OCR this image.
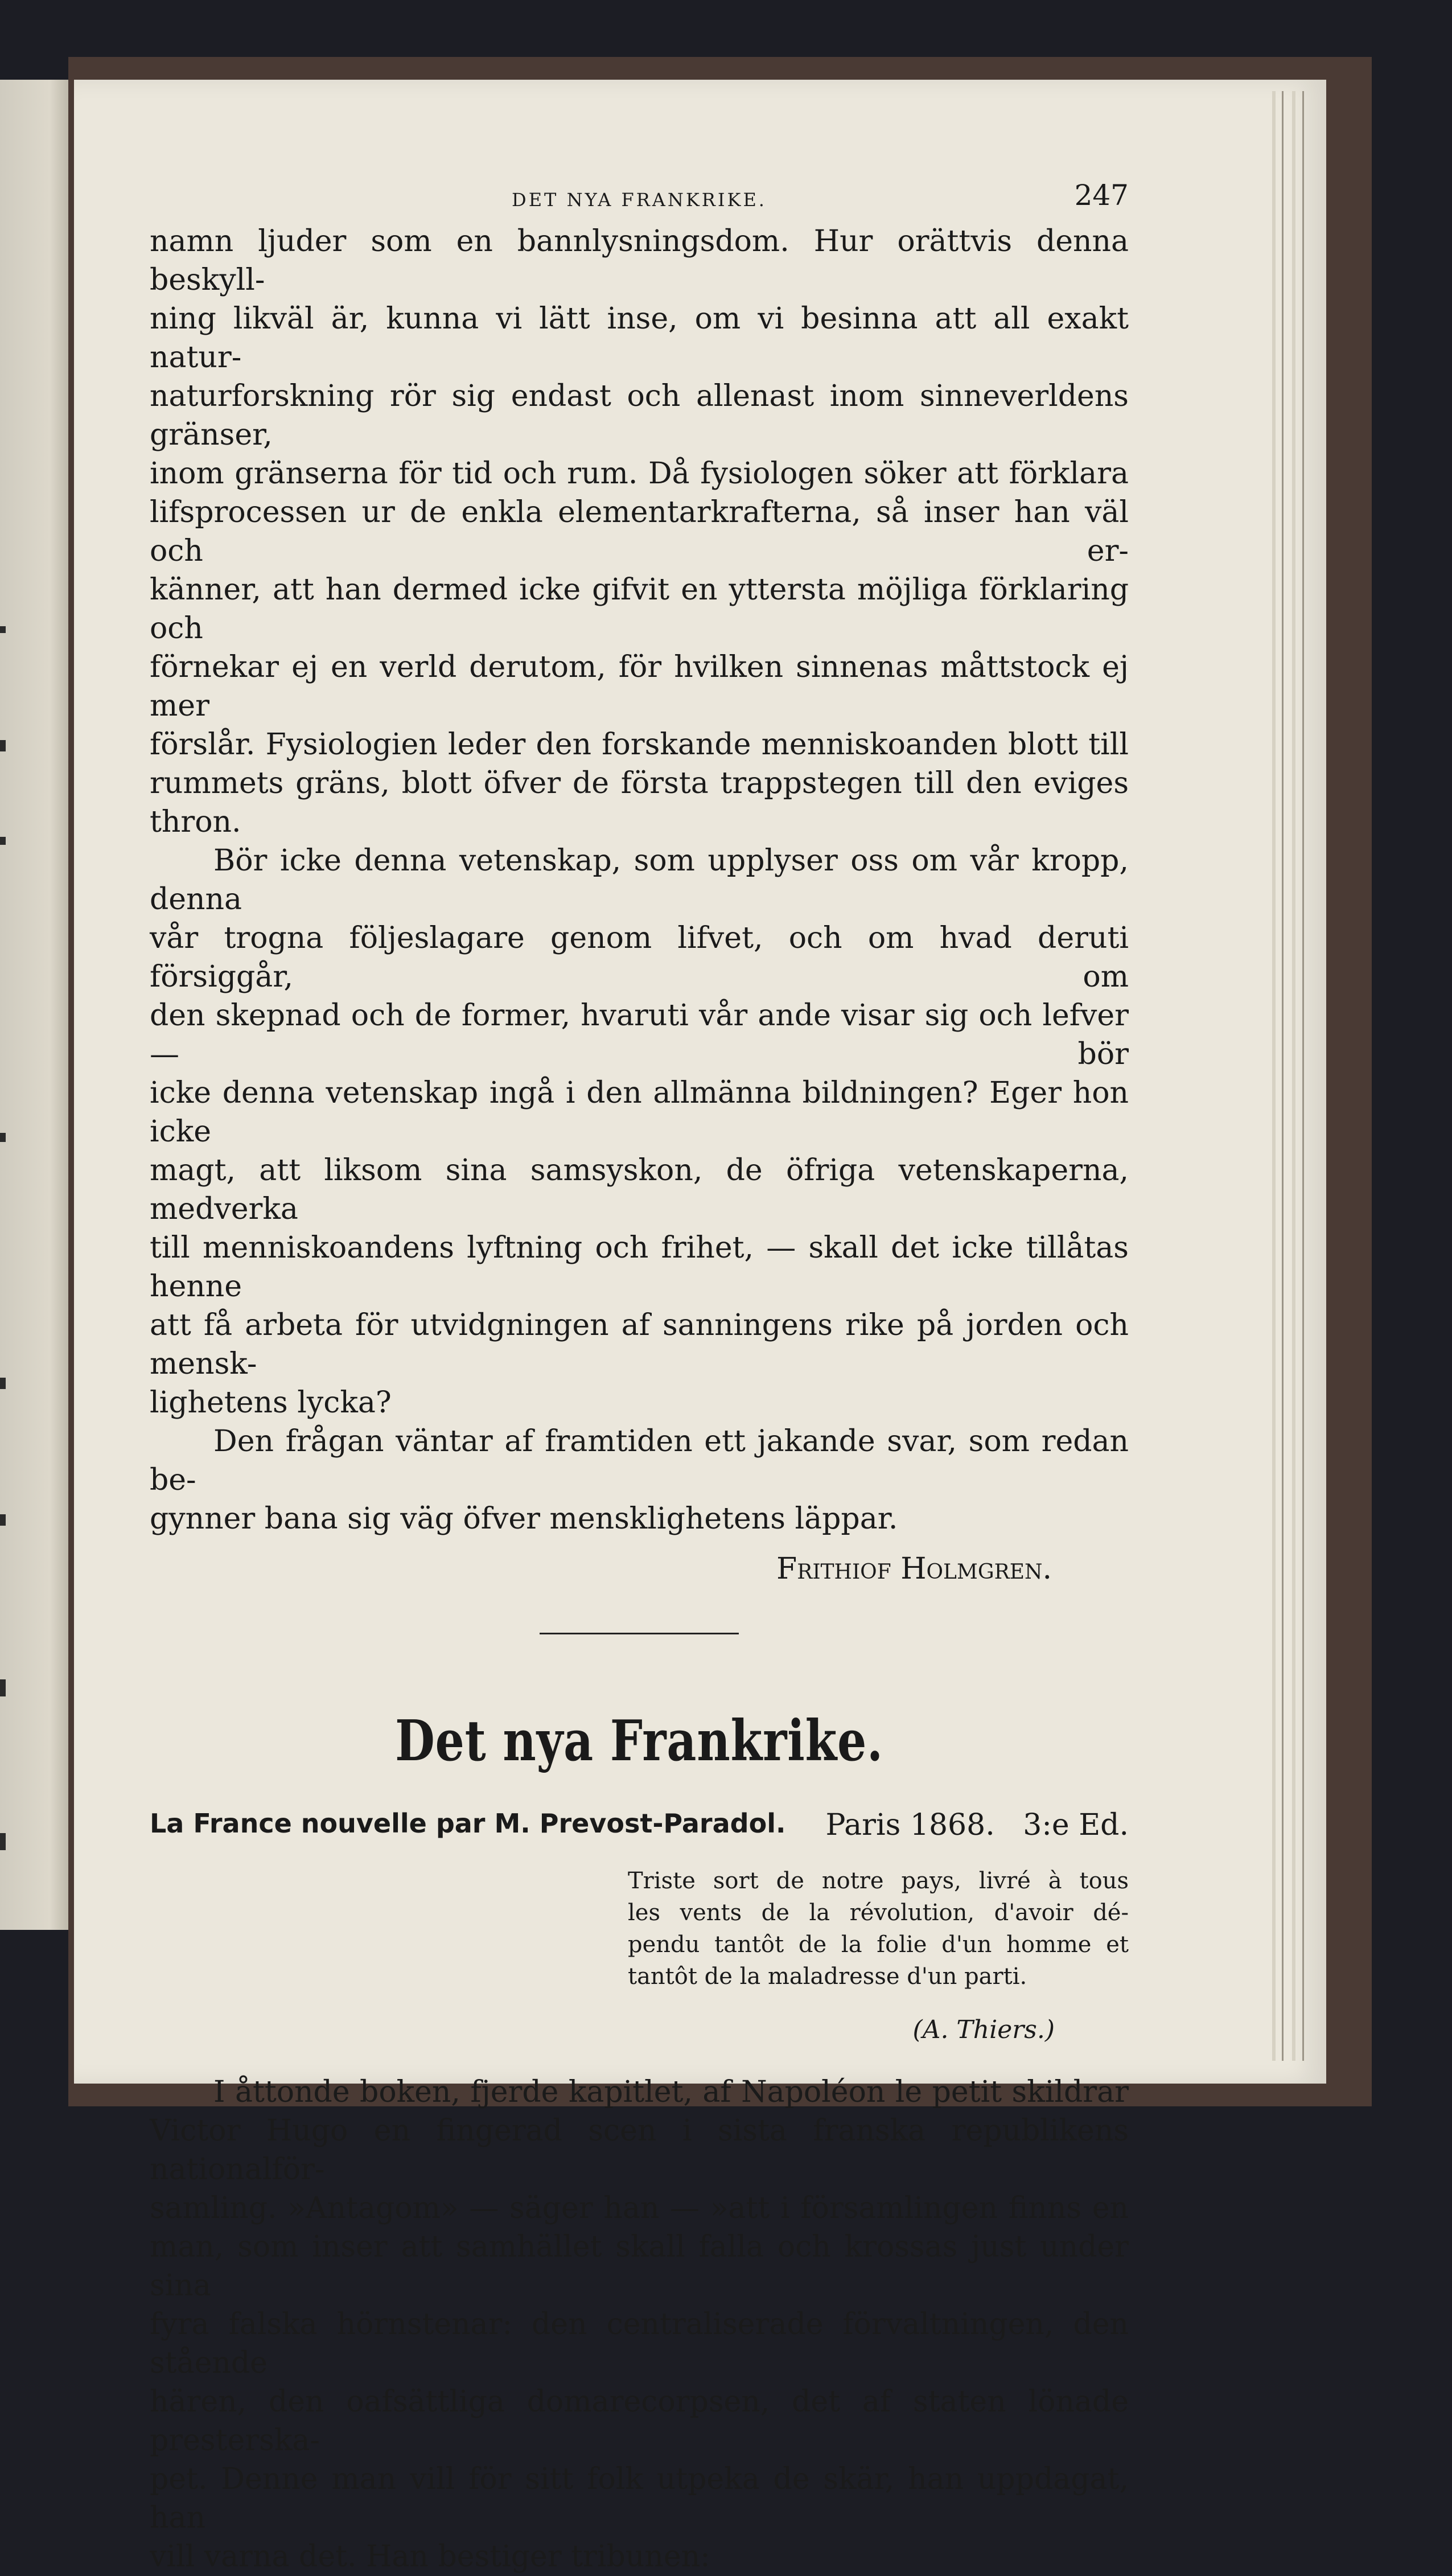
DET NYA FRANKRIKE.	247

namn ljuder som en bannlysningsdom. Hur orättvis denna beskyll-

ning likväl är, kunna vi lätt inse, om vi besinna att all exakt natur-

naturforskning rör sig endast och allenast inom sinneverldens gränser,

inom gränserna för tid och rum. Då fysiologen söker att förklara

lifsprocessen ur de enkla elementarkrafterna, så inser han väl och er-

känner, att han dermed icke gifvit en yttersta möjliga förklaring och

förnekar ej en verld derutom, för hvilken sinnenas måttstock ej mer

förslår. Fysiologien leder den forskande menniskoanden blott till

rummets gräns, blott öfver de första trappstegen till den eviges thron.

Bör icke denna vetenskap, som upplyser oss om vår kropp, denna

vår trogna följeslagare genom lifvet, och om hvad deruti försiggår, om

den skepnad och de former, hvaruti vår ande visar sig och lefver — bör

icke denna vetenskap ingå i den allmänna bildningen? Eger hon icke

magt, att liksom sina samsyskon, de öfriga vetenskaperna, medverka

till menniskoandens lyftning och frihet, — skall det icke tillåtas henne

att få arbeta för utvidgningen af sanningens rike på jorden och mensk-

lighetens lycka?

Den frågan väntar af framtiden ett jakande svar, som redan be-

gynner bana sig väg öfver mensklighetens läppar.

Frithiof Holmgren.
Det nya Frankrike.
La France nouvelle par M. Prevost-Paradol. Paris 1868.   3:e Ed.

Triste sort de notre pays, livré à tous

les vents de la révolution, d'avoir dé-

pendu tantôt de la folie d'un homme et

tantôt de la maladresse d'un parti.

(A. Thiers.)

I åttonde boken, fjerde kapitlet, af Napoléon le petit skildrar

Victor Hugo en fingerad scen i sista franska republikens nationalför-

samling. »Antagom» — säger han — »att i församlingen finns en

man, som inser att samhället skall falla och krossas just under sina

fyra falska hörnstenar: den centraliserade förvaltningen, den stående

hären, den oafsättliga domarecorpsen, det af staten lönade presterska-

pet. Denne man vill för sitt folk utpeka de skär, han uppdagat, han

vill varna det. Han bestiger tribunen:
